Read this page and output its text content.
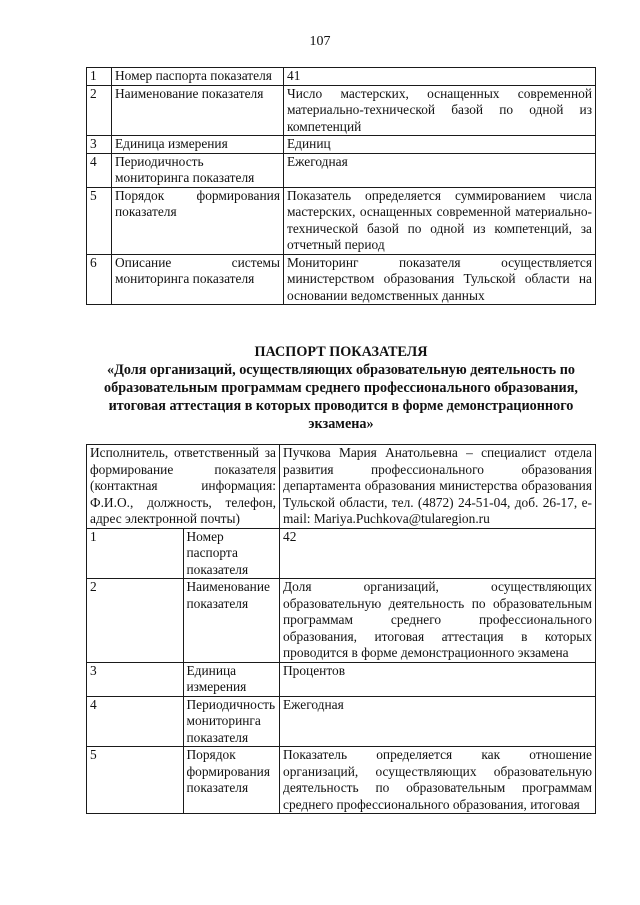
107
1	Номер паспорта показателя	41
2	Наименование показателя	Число мастерских, оснащенных современной материально-технической базой по одной из компетенций
3	Единица измерения	Единиц
4	Периодичность мониторинга показателя	Ежегодная
5	Порядок формирования показателя	Показатель определяется суммированием числа мастерских, оснащенных современной материально-технической базой по одной из компетенций, за отчетный период
6	Описание системы мониторинга показателя	Мониторинг показателя осуществляется министерством образования Тульской области на основании ведомственных данных
ПАСПОРТ ПОКАЗАТЕЛЯ
«Доля организаций, осуществляющих образовательную деятельность по образовательным программам среднего профессионального образования, итоговая аттестация в которых проводится в форме демонстрационного экзамена»
Исполнитель, ответственный за формирование показателя (контактная информация: Ф.И.О., должность, телефон, адрес электронной почты)		Пучкова Мария Анатольевна – специалист отдела развития профессионального образования департамента образования министерства образования Тульской области, тел. (4872) 24-51-04, доб. 26-17, e-mail: Mariya.Puchkova@tularegion.ru
1	Номер паспорта показателя	42
2	Наименование показателя	Доля организаций, осуществляющих образовательную деятельность по образовательным программам среднего профессионального образования, итоговая аттестация в которых проводится в форме демонстрационного экзамена
3	Единица измерения	Процентов
4	Периодичность мониторинга показателя	Ежегодная
5	Порядок формирования показателя	Показатель определяется как отношение организаций, осуществляющих образовательную деятельность по образовательным программам среднего профессионального образования, итоговая
